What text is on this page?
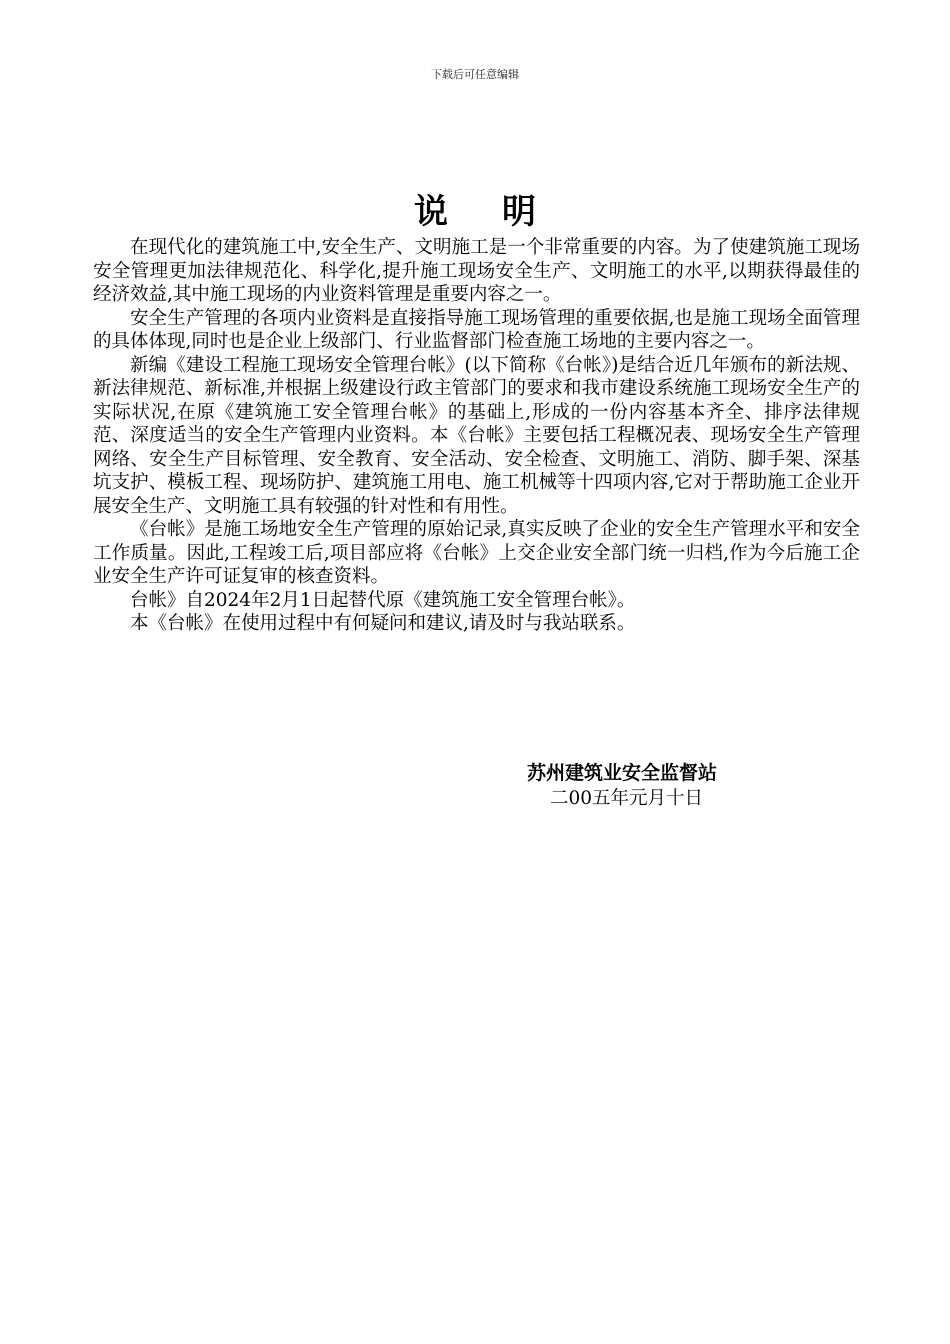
下载后可任意编辑
说明

在现代化的建筑施工中,安全生产、文明施工是一个非常重要的内容。为了使建筑施工现场安全管理更加法律规范化、科学化,提升施工现场安全生产、文明施工的水平,以期获得最佳的经济效益,其中施工现场的内业资料管理是重要内容之一。

安全生产管理的各项内业资料是直接指导施工现场管理的重要依据,也是施工现场全面管理的具体体现,同时也是企业上级部门、行业监督部门检查施工场地的主要内容之一。

新编《建设工程施工现场安全管理台帐》(以下简称《台帐》)是结合近几年颁布的新法规、新法律规范、新标准,并根据上级建设行政主管部门的要求和我市建设系统施工现场安全生产的实际状况,在原《建筑施工安全管理台帐》的基础上,形成的一份内容基本齐全、排序法律规范、深度适当的安全生产管理内业资料。本《台帐》主要包括工程概况表、现场安全生产管理网络、安全生产目标管理、安全教育、安全活动、安全检查、文明施工、消防、脚手架、深基坑支护、模板工程、现场防护、建筑施工用电、施工机械等十四项内容,它对于帮助施工企业开展安全生产、文明施工具有较强的针对性和有用性。

《台帐》是施工场地安全生产管理的原始记录,真实反映了企业的安全生产管理水平和安全工作质量。因此,工程竣工后,项目部应将《台帐》上交企业安全部门统一归档,作为今后施工企业安全生产许可证复审的核查资料。

台帐》自2024年2月1日起替代原《建筑施工安全管理台帐》。

本《台帐》在使用过程中有何疑问和建议,请及时与我站联系。

苏州建筑业安全监督站
二00五年元月十日
